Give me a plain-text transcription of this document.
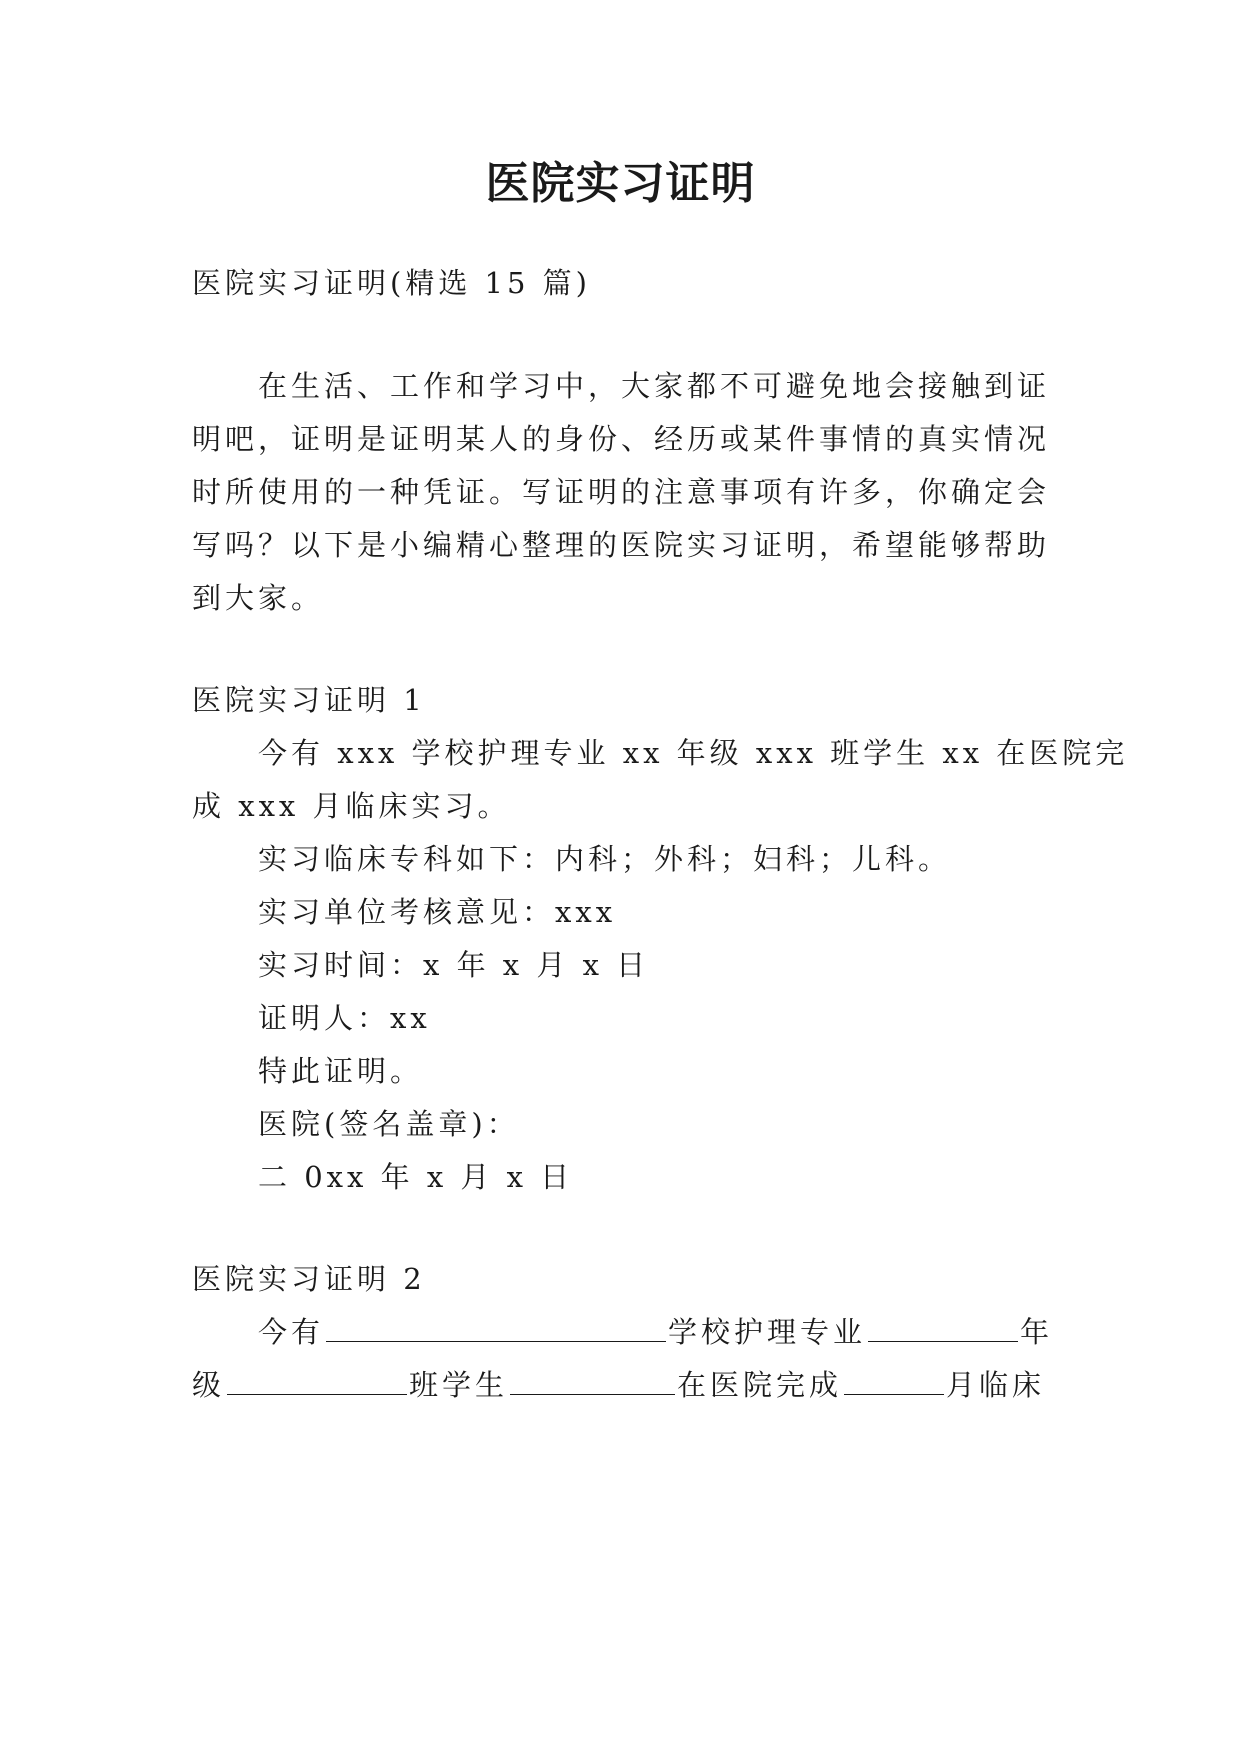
医院实习证明
医院实习证明(精选 15 篇)
在生活、工作和学习中，大家都不可避免地会接触到证
明吧，证明是证明某人的身份、经历或某件事情的真实情况
时所使用的一种凭证。写证明的注意事项有许多，你确定会
写吗？以下是小编精心整理的医院实习证明，希望能够帮助
到大家。
医院实习证明 1
今有 xxx 学校护理专业 xx 年级 xxx 班学生 xx 在医院完
成 xxx 月临床实习。
实习临床专科如下：内科；外科；妇科；儿科。
实习单位考核意见：xxx
实习时间：x 年 x 月 x 日
证明人：xx
特此证明。
医院(签名盖章)：
二 0xx 年 x 月 x 日
医院实习证明 2
今有	学校护理专业	年
级	班学生	在医院完成	月临床
